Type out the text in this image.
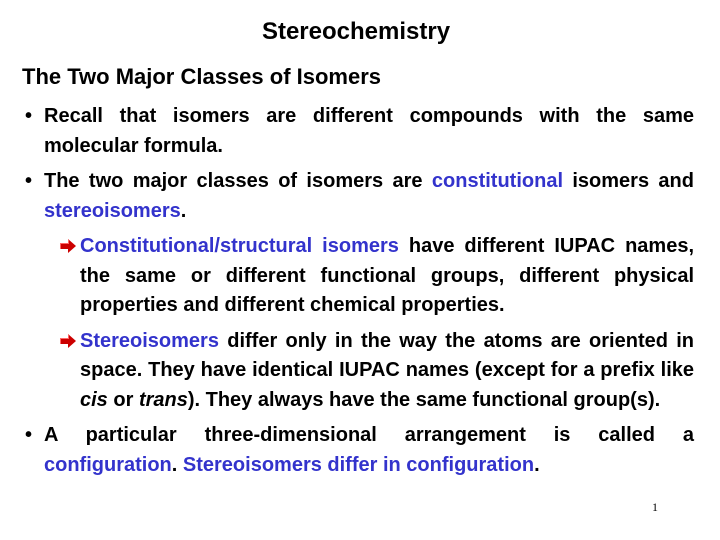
Stereochemistry
The Two Major Classes of Isomers
• Recall that isomers are different compounds with the same molecular formula.
• The two major classes of isomers are constitutional isomers and stereoisomers.
Constitutional/structural isomers have different IUPAC names, the same or different functional groups, different physical properties and different chemical properties.
Stereoisomers differ only in the way the atoms are oriented in space. They have identical IUPAC names (except for a prefix like cis or trans). They always have the same functional group(s).
• A particular three-dimensional arrangement is called a configuration. Stereoisomers differ in configuration.
1
